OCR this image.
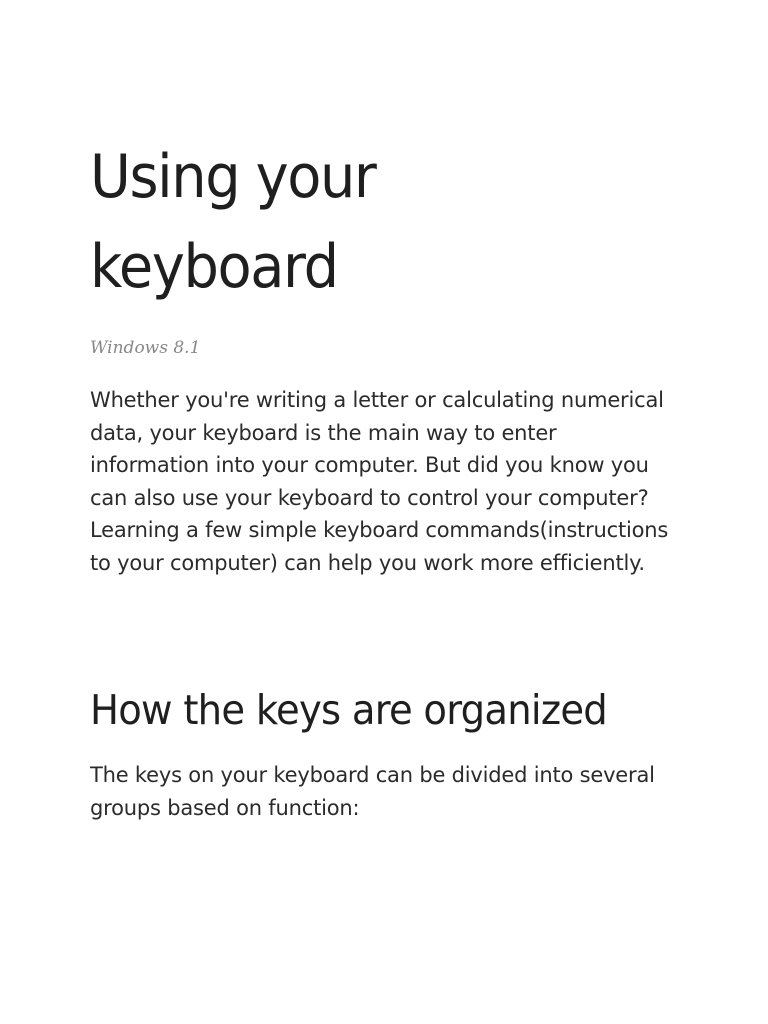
Using your
keyboard
Windows 8.1

Whether you're writing a letter or calculating numerical
data, your keyboard is the main way to enter
information into your computer. But did you know you
can also use your keyboard to control your computer?
Learning a few simple keyboard commands(instructions
to your computer) can help you work more efficiently.

How the keys are organized

The keys on your keyboard can be divided into several
groups based on function:
